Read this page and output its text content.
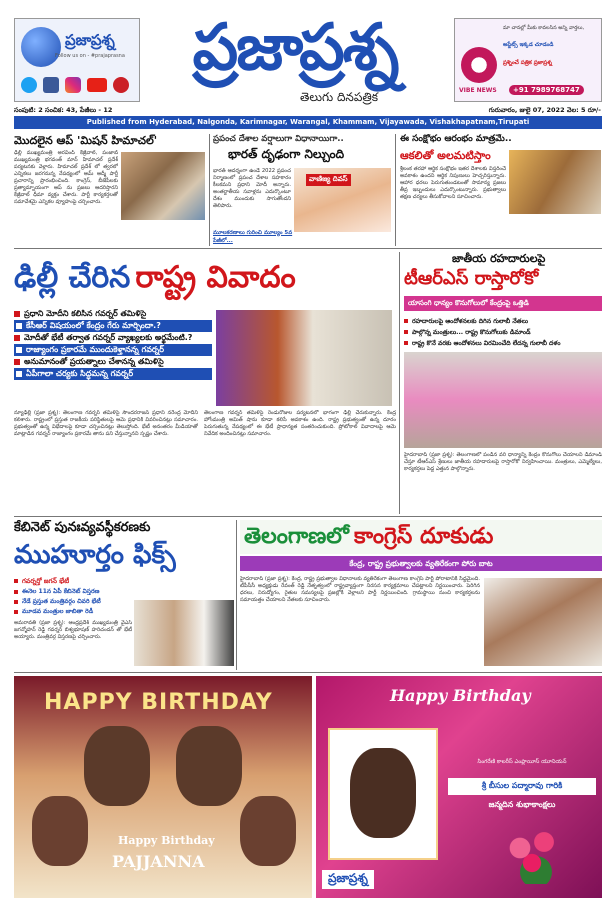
ప్రజాప్రశ్న
Follow us on - #prajaprasna	ప్రజాప్రశ్న
తెలుగు దినపత్రిక	VIBE NEWS
మా చానల్లో మీకు కావలసిన అన్ని వార్తలు,
అప్డేట్స్ ఇక్కడ చూడండి
ప్రశ్నించే పత్రిక ప్రజాప్రశ్న
+91 7989768747
సంపుటి: 2 సంచిక: 43, పేజీలు - 12	గురువారం, జులై 07, 2022 వెల: 5 రూ/-
Published from Hyderabad, Nalgonda, Karimnagar, Warangal, Khammam, Vijayawada, Vishakhapatnam,Tirupati
మొదలైన ఆప్ 'మిషన్ హిమాచల్'
ఢిల్లీ ముఖ్యమంత్రి అరవింద్ కేజ్రీవాల్, పంజాబ్ ముఖ్యమంత్రి భగవంత్ మాన్ హిమాచల్ ప్రదేశ్ పర్యటనకు వెళ్లారు. హిమాచల్ ప్రదేశ్ లో త్వరలో ఎన్నికలు జరగనున్న నేపథ్యంలో ఆమ్ ఆద్మీ పార్టీ ప్రచారాన్ని ప్రారంభించింది. కాంగ్రెస్, బీజేపీలకు ప్రత్యామ్నాయంగా ఆప్ ను ప్రజలు ఆదరిస్తారని కేజ్రీవాల్ ధీమా వ్యక్తం చేశారు. పార్టీ కార్యకర్తలతో సమావేశమై ఎన్నికల వ్యూహంపై చర్చించారు.
ప్రపంచ దేశాల వర్షాలుగా విధానాయిగా..
భారత్ దృఢంగా నిల్చుంది
భారత్ ఆదర్శంగా ఉండే 2022 ప్రపంచ నిర్మాణంలో ప్రపంచ దేశాల సహకారం కీలకమని ప్రధాని మోదీ అన్నారు. అంతర్జాతీయ సవాళ్లను ఎదుర్కొంటూ దేశం ముందుకు సాగుతోందని తెలిపారు.
వాణిజ్య దివస్
మూలకరణాలు గురించి మూల్యం 5వ పేజీలో...
ఈ సంక్షోభం ఆరంభం మాత్రమే..
ఆకలితో అలమటిస్తాం
శ్రీలంక తరహా ఆర్థిక సంక్షోభం ఇతర దేశాలకు విస్తరించే అవకాశం ఉందని ఆర్థిక నిపుణులు హెచ్చరిస్తున్నారు. ఆహార ధరలు పెరుగుతుండటంతో సామాన్య ప్రజలు తీవ్ర ఇబ్బందులు ఎదుర్కొంటున్నారు. ప్రభుత్వాలు తక్షణ చర్యలు తీసుకోవాలని సూచించారు.
ఢిల్లీ చేరిన రాష్ట్ర వివాదం
ప్రధాని మోదీని కలిసిన గవర్నర్ తమిళిసై
కేసీఆర్ విషయంలో కేంద్రం గేరు మార్చిందా.?
మోదీతో భేటీ తర్వాత గవర్నర్ వ్యాఖ్యలకు అర్థమేంటి.?
రాజ్యాంగం ప్రకారమే ముందుకెళ్తానన్న గవర్నర్
అనుమానంతో ప్రయత్నాలు చేశానన్న తమిళిసై
ఏపీగాలా చర్యకు సిద్ధమన్న గవర్నర్
న్యూఢిల్లీ (ప్రజా ప్రశ్న): తెలంగాణ గవర్నర్ తమిళిసై సౌందరరాజన్ ప్రధాని నరేంద్ర మోదీని కలిశారు. రాష్ట్రంలో ప్రస్తుత రాజకీయ పరిస్థితులపై ఆమె ప్రధానికి వివరించినట్లు సమాచారం. ప్రభుత్వంతో ఉన్న విభేదాలపై కూడా చర్చించినట్లు తెలుస్తోంది. భేటీ అనంతరం మీడియాతో మాట్లాడిన గవర్నర్ రాజ్యాంగం ప్రకారమే తాను పని చేస్తున్నానని స్పష్టం చేశారు.
తెలంగాణ గవర్నర్ తమిళిసై రెండురోజుల పర్యటనలో భాగంగా ఢిల్లీ చేరుకున్నారు. కేంద్ర హోంమంత్రి అమిత్ షాను కూడా కలిసే అవకాశం ఉంది. రాష్ట్ర ప్రభుత్వంతో ఉన్న దూరం పెరుగుతున్న నేపథ్యంలో ఈ భేటీ ప్రాధాన్యత సంతరించుకుంది. ప్రోటోకాల్ వివాదాలపై ఆమె నివేదిక అందించినట్లు సమాచారం.
జాతీయ రహదారులపై
టీఆర్ఎస్ రాస్తారోకో
యాసంగి ధాన్యం కొనుగోలులో కేంద్రంపై ఒత్తిడి
రహదారులపై ఆందోళనలకు దిగిన గులాబీ నేతలు
పాల్గొన్న మంత్రులు... రాష్ట్ర కొనుగోలుకు డిమాండ్
రాష్ట్ర కొనే వరకు ఆందోళనలు విరమించేది లేదన్న గులాబీ దళం
హైదరాబాద్ (ప్రజా ప్రశ్న): తెలంగాణలో పండిన వరి ధాన్యాన్ని కేంద్రం కొనుగోలు చేయాలని డిమాండ్ చేస్తూ టీఆర్ఎస్ శ్రేణులు జాతీయ రహదారులపై రాస్తారోకో నిర్వహించాయి. మంత్రులు, ఎమ్మెల్యేలు, కార్యకర్తలు పెద్ద ఎత్తున పాల్గొన్నారు.
కేబినెట్ పునఃవ్యవస్థీకరణకు
ముహూర్తం ఫిక్స్
గవర్నర్తో జగన్ భేటీ
ఈనెల 11న ఏపీ కేబినెట్ విస్తరణ
నేడే ప్రస్తుత మంత్రివర్గం చివరి భేటీ
మూడవ మంత్రుల జాబితా రెడీ
అమరావతి (ప్రజా ప్రశ్న): ఆంధ్రప్రదేశ్ ముఖ్యమంత్రి వైఎస్ జగన్మోహన్ రెడ్డి గవర్నర్ బిశ్వభూషణ్ హరిచందన్ తో భేటీ అయ్యారు. మంత్రివర్గ విస్తరణపై చర్చించారు.
తెలంగాణలో కాంగ్రెస్ దూకుడు
కేంద్ర, రాష్ట్ర ప్రభుత్వాలకు వ్యతిరేకంగా పోరు బాట
హైదరాబాద్ (ప్రజా ప్రశ్న): కేంద్ర, రాష్ట్ర ప్రభుత్వాల విధానాలకు వ్యతిరేకంగా తెలంగాణ కాంగ్రెస్ పార్టీ పోరాటానికి సిద్ధమైంది. టీపీసీసీ అధ్యక్షుడు రేవంత్ రెడ్డి నేతృత్వంలో రాష్ట్రవ్యాప్తంగా నిరసన కార్యక్రమాలు చేపట్టాలని నిర్ణయించారు. పెరిగిన ధరలు, నిరుద్యోగం, రైతుల సమస్యలపై ప్రజల్లోకి వెళ్లాలని పార్టీ నిర్ణయించింది. గ్రామస్థాయి నుంచి కార్యకర్తలను సమాయత్తం చేయాలని నేతలకు సూచించారు.
HAPPY BIRTHDAY
Happy Birthday
PAJJANNA
Happy Birthday
సింగరేణి కాలరీస్ ఎంప్లాయీస్ యూనియన్
శ్రీ బీసుల పద్మారావు గారికి
జన్మదిన శుభాకాంక్షలు
ప్రజాప్రశ్న
